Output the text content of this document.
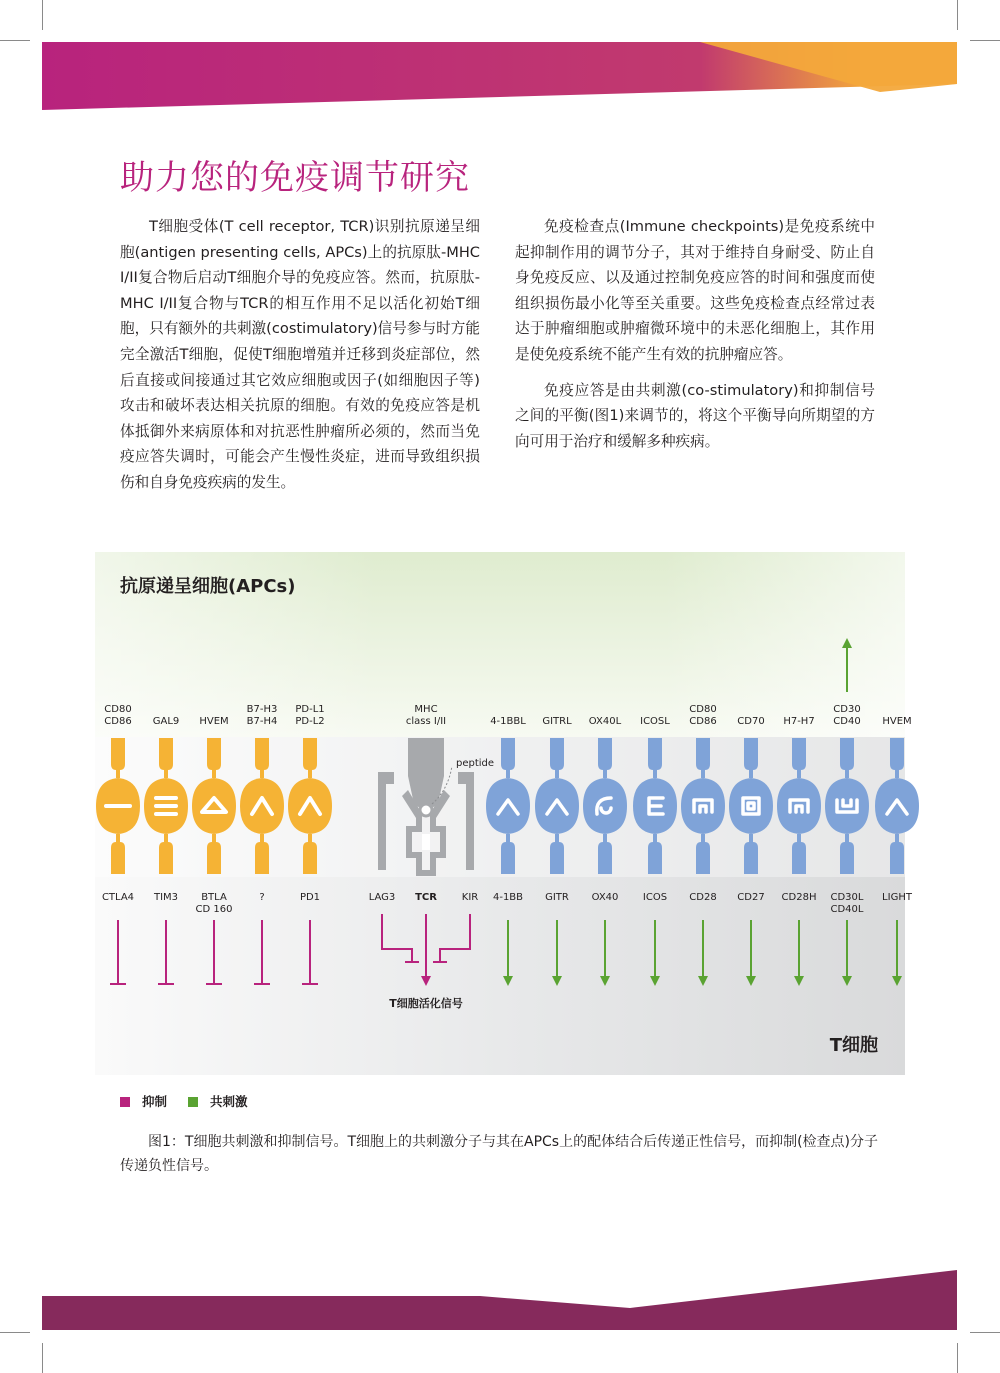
助力您的免疫调节研究

T细胞受体(T cell receptor, TCR)识别抗原递呈细胞(antigen presenting cells, APCs)上的抗原肽-MHC I/II复合物后启动T细胞介导的免疫应答。然而，抗原肽-MHC I/II复合物与TCR的相互作用不足以活化初始T细胞，只有额外的共刺激(costimulatory)信号参与时方能完全激活T细胞，促使T细胞增殖并迁移到炎症部位，然后直接或间接通过其它效应细胞或因子(如细胞因子等) 攻击和破坏表达相关抗原的细胞。有效的免疫应答是机体抵御外来病原体和对抗恶性肿瘤所必须的，然而当免疫应答失调时，可能会产生慢性炎症，进而导致组织损伤和自身免疫疾病的发生。

免疫检查点(Immune checkpoints)是免疫系统中起抑制作用的调节分子，其对于维持自身耐受、防止自身免疫反应、以及通过控制免疫应答的时间和强度而使组织损伤最小化等至关重要。这些免疫检查点经常过表达于肿瘤细胞或肿瘤微环境中的未恶化细胞上，其作用是使免疫系统不能产生有效的抗肿瘤应答。

免疫应答是由共刺激(co-stimulatory)和抑制信号之间的平衡(图1)来调节的，将这个平衡导向所期望的方向可用于治疗和缓解多种疾病。

抗原递呈细胞(APCs)
T细胞
CD80
CD86
CTLA4
GAL9
TIM3
HVEM
BTLA
CD 160
B7-H3
B7-H4
?
PD-L1
PD-L2
PD1
MHC
class I/II
peptide
LAG3 TCR KIR
T细胞活化信号
4-1BBL
4-1BB
GITRL
GITR
OX40L
OX40
ICOSL
ICOS
CD80
CD86
CD28
CD70
CD27
H7-H7
CD28H
CD30
CD40
CD30L
CD40L
HVEM
LIGHT
抑制	共刺激

图1：T细胞共刺激和抑制信号。T细胞上的共刺激分子与其在APCs上的配体结合后传递正性信号，而抑制(检查点)分子传递负性信号。
